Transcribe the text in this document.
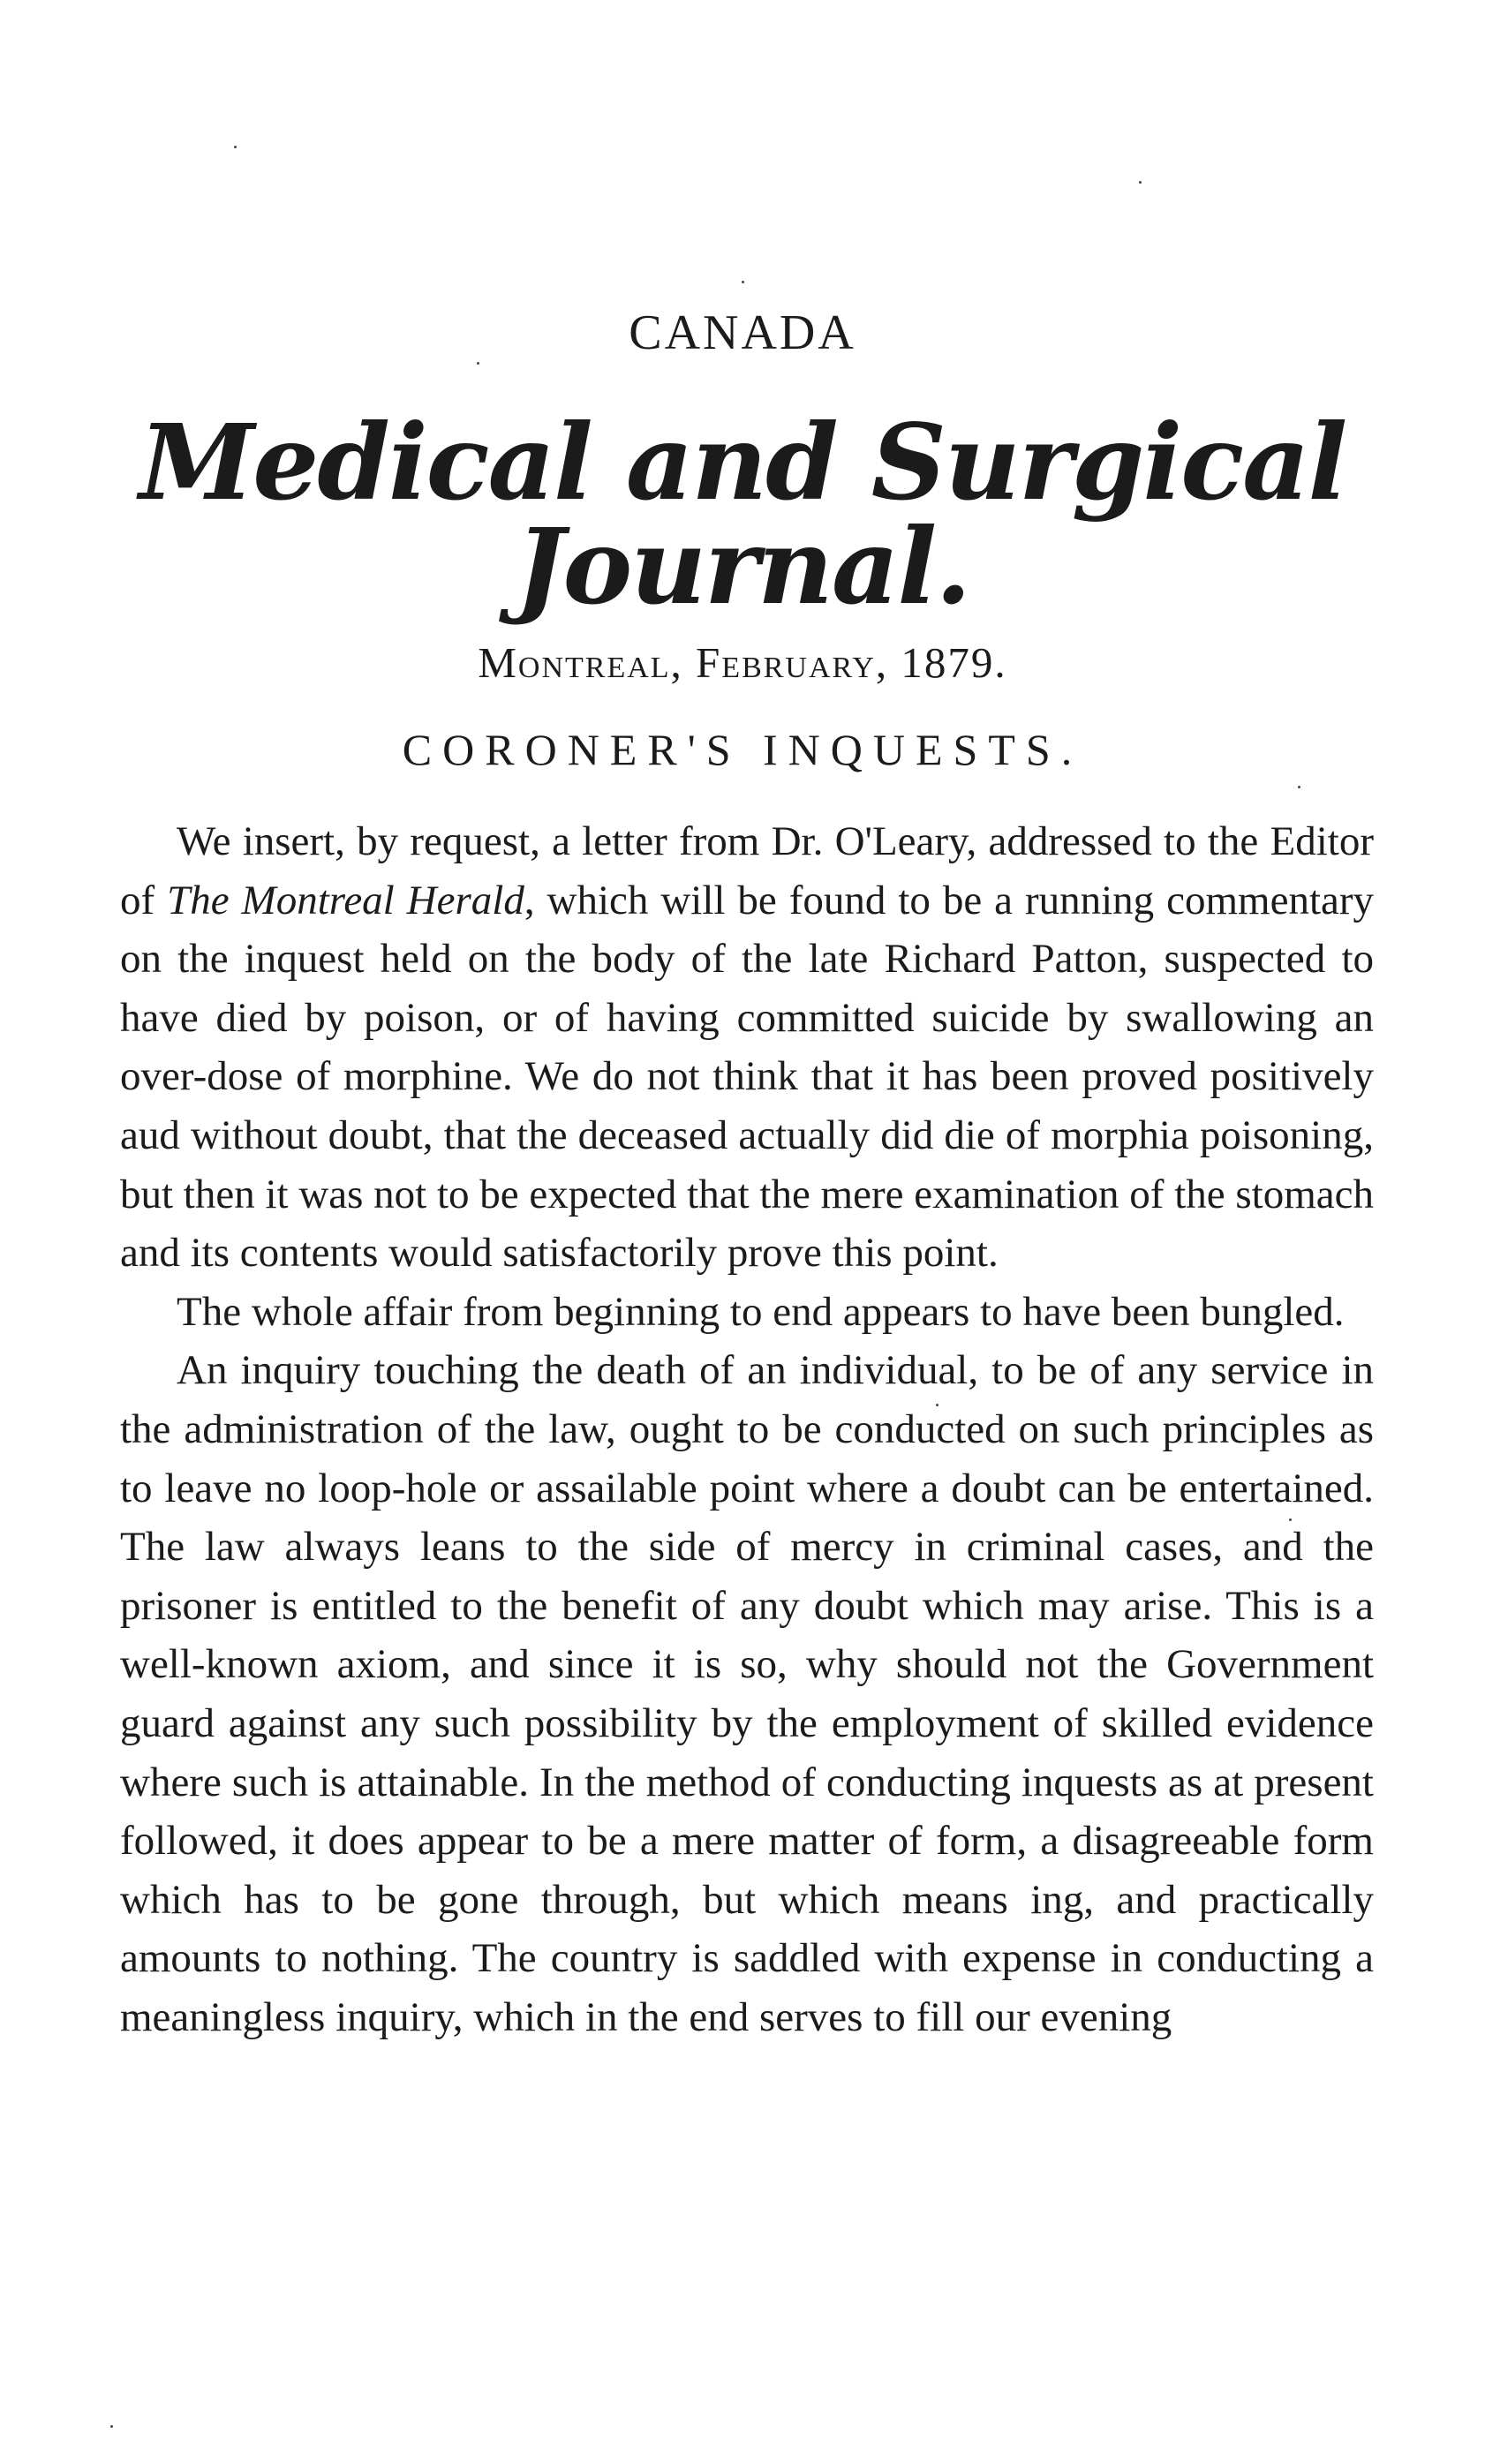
CANADA
Medical and Surgical Journal.
Montreal, February, 1879.
CORONER'S INQUESTS.

We insert, by request, a letter from Dr. O'Leary, addressed to the Editor of The Montreal Herald, which will be found to be a running commentary on the inquest held on the body of the late Richard Patton, suspected to have died by poison, or of having committed suicide by swallowing an over-dose of morphine. We do not think that it has been proved positively aud without doubt, that the deceased actually did die of morphia poisoning, but then it was not to be expected that the mere examination of the stomach and its contents would satisfactorily prove this point.

The whole affair from beginning to end appears to have been bungled.

An inquiry touching the death of an individual, to be of any service in the administration of the law, ought to be conducted on such principles as to leave no loop-hole or assailable point where a doubt can be entertained. The law always leans to the side of mercy in criminal cases, and the prisoner is entitled to the benefit of any doubt which may arise. This is a well-known axiom, and since it is so, why should not the Government guard against any such possibility by the employment of skilled evidence where such is attainable. In the method of conducting inquests as at present followed, it does appear to be a mere matter of form, a disagreeable form which has to be gone through, but which means ing, and practically amounts to nothing. The country is saddled with expense in conducting a meaningless inquiry, which in the end serves to fill our evening
